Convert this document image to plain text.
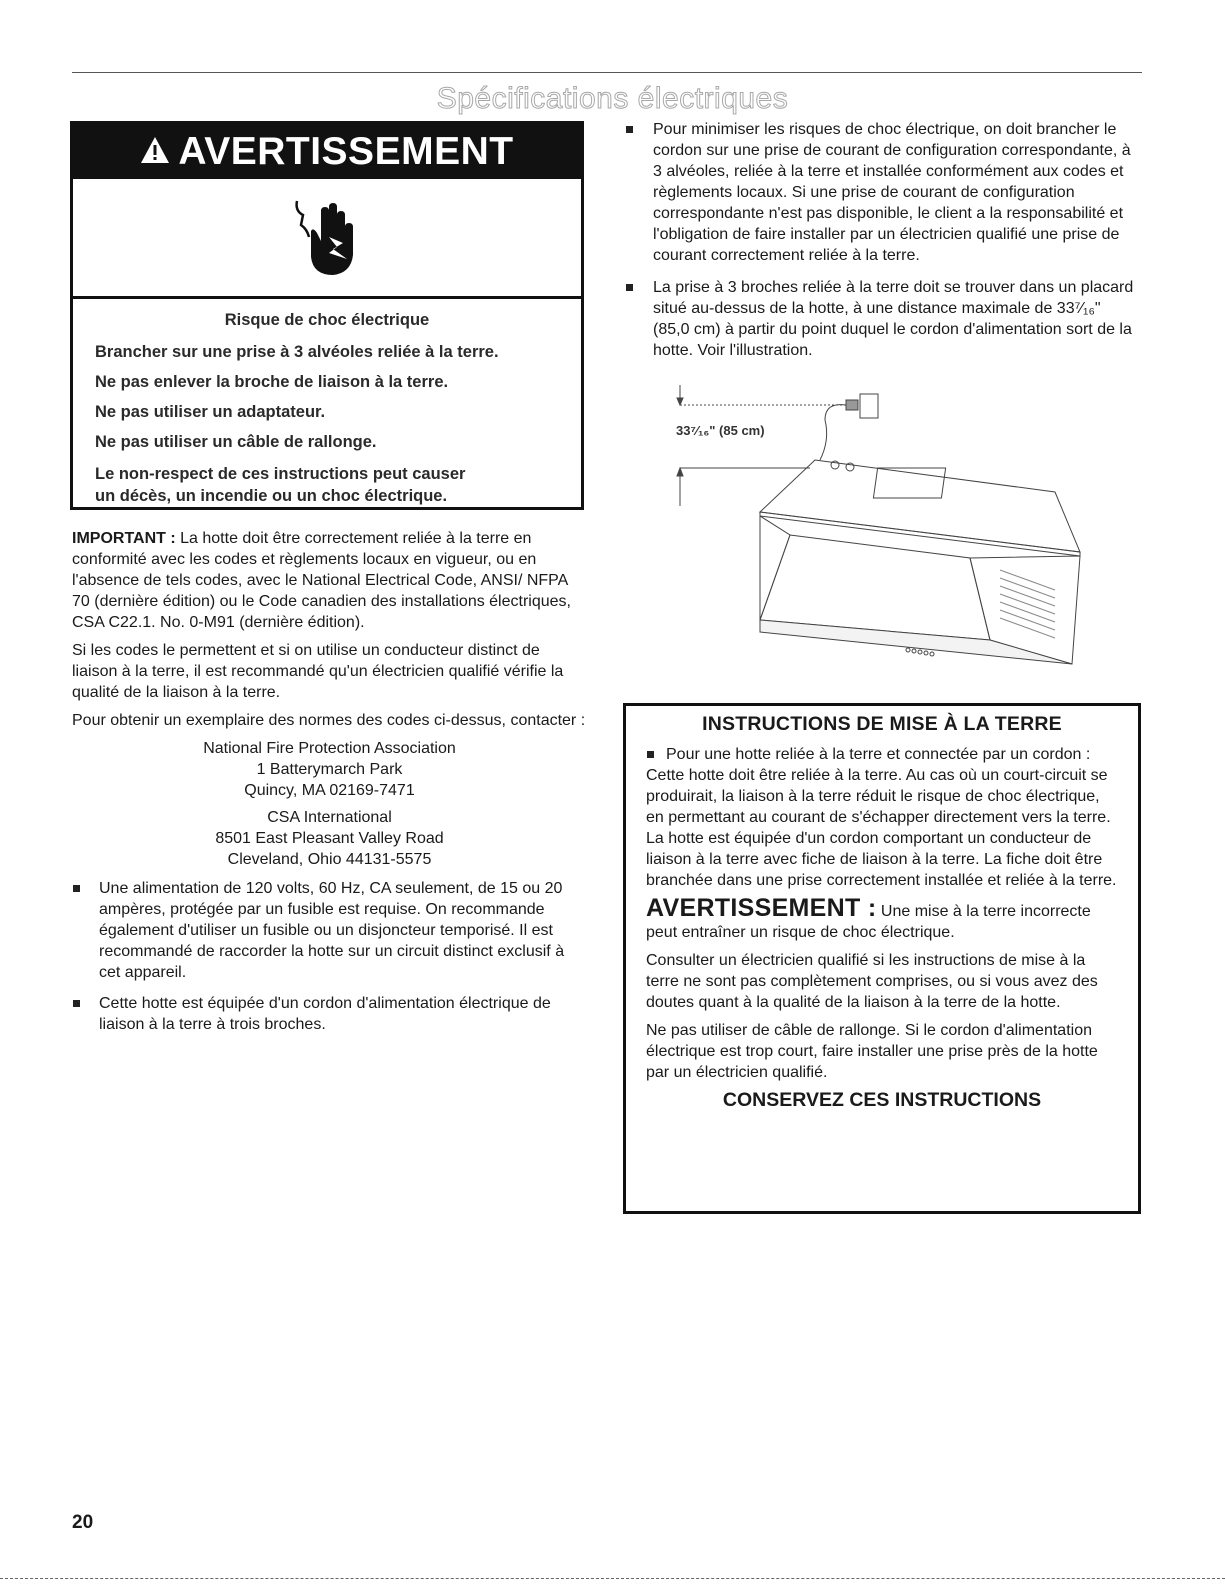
Spécifications électriques
AVERTISSEMENT
Risque de choc électrique
Brancher sur une prise à 3 alvéoles reliée à la terre.
Ne pas enlever la broche de liaison à la terre.
Ne pas utiliser un adaptateur.
Ne pas utiliser un câble de rallonge.
Le non-respect de ces instructions peut causer
un décès, un incendie ou un choc électrique.

IMPORTANT : La hotte doit être correctement reliée à la terre en conformité avec les codes et règlements locaux en vigueur, ou en l'absence de tels codes, avec le National Electrical Code, ANSI/ NFPA 70 (dernière édition) ou le Code canadien des installations électriques, CSA C22.1. No. 0-M91 (dernière édition).

Si les codes le permettent et si on utilise un conducteur distinct de liaison à la terre, il est recommandé qu'un électricien qualifié vérifie la qualité de la liaison à la terre.

Pour obtenir un exemplaire des normes des codes ci-dessus, contacter :

National Fire Protection Association
1 Batterymarch Park
Quincy, MA 02169-7471
CSA International
8501 East Pleasant Valley Road
Cleveland, Ohio 44131-5575
Une alimentation de 120 volts, 60 Hz, CA seulement, de 15 ou 20 ampères, protégée par un fusible est requise. On recommande également d'utiliser un fusible ou un disjoncteur temporisé. Il est recommandé de raccorder la hotte sur un circuit distinct exclusif à cet appareil.
Cette hotte est équipée d'un cordon d'alimentation électrique de liaison à la terre à trois broches.
Pour minimiser les risques de choc électrique, on doit brancher le cordon sur une prise de courant de configuration correspondante, à 3 alvéoles, reliée à la terre et installée conformément aux codes et règlements locaux. Si une prise de courant de configuration correspondante n'est pas disponible, le client a la responsabilité et l'obligation de faire installer par un électricien qualifié une prise de courant correctement reliée à la terre.
La prise à 3 broches reliée à la terre doit se trouver dans un placard situé au-dessus de la hotte, à une distance maximale de 33⁷⁄₁₆" (85,0 cm) à partir du point duquel le cordon d'alimentation sort de la hotte. Voir l'illustration.
33⁷⁄₁₆" (85 cm)
INSTRUCTIONS DE MISE À LA TERRE

Pour une hotte reliée à la terre et connectée par un cordon :

Cette hotte doit être reliée à la terre. Au cas où un court-circuit se produirait, la liaison à la terre réduit le risque de choc électrique, en permettant au courant de s'échapper directement vers la terre. La hotte est équipée d'un cordon comportant un conducteur de liaison à la terre avec fiche de liaison à la terre. La fiche doit être branchée dans une prise correctement installée et reliée à la terre.

AVERTISSEMENT : Une mise à la terre incorrecte peut entraîner un risque de choc électrique.

Consulter un électricien qualifié si les instructions de mise à la terre ne sont pas complètement comprises, ou si vous avez des doutes quant à la qualité de la liaison à la terre de la hotte.

Ne pas utiliser de câble de rallonge. Si le cordon d'alimentation électrique est trop court, faire installer une prise près de la hotte par un électricien qualifié.

CONSERVEZ CES INSTRUCTIONS
20
